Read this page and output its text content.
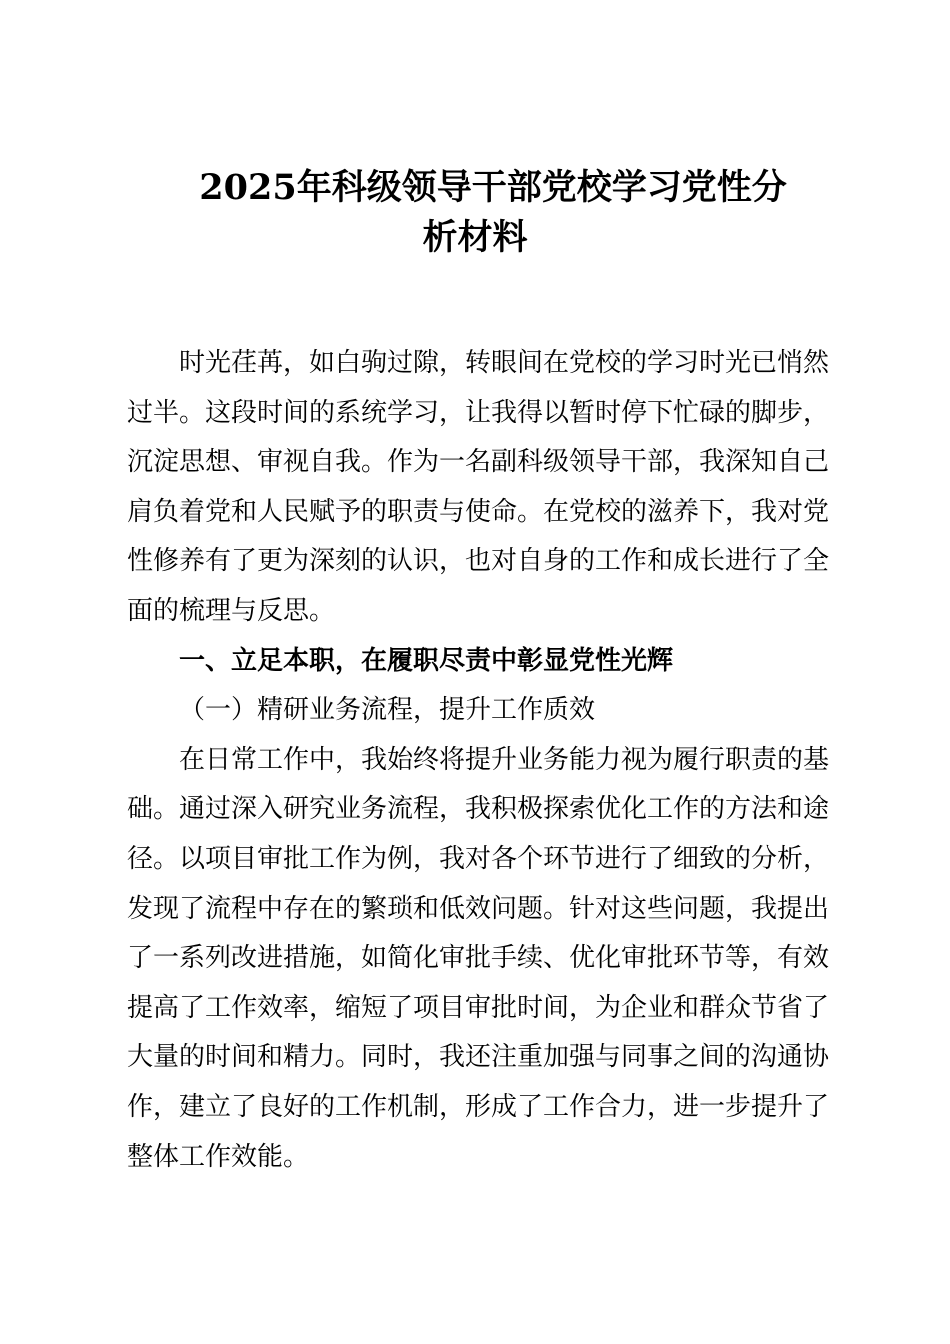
2025年科级领导干部党校学习党性分
析材料
时光荏苒，如白驹过隙，转眼间在党校的学习时光已悄然
过半。这段时间的系统学习，让我得以暂时停下忙碌的脚步，
沉淀思想、审视自我。作为一名副科级领导干部，我深知自己
肩负着党和人民赋予的职责与使命。在党校的滋养下，我对党
性修养有了更为深刻的认识，也对自身的工作和成长进行了全
面的梳理与反思。
一、立足本职，在履职尽责中彰显党性光辉
（一）精研业务流程，提升工作质效
在日常工作中，我始终将提升业务能力视为履行职责的基
础。通过深入研究业务流程，我积极探索优化工作的方法和途
径。以项目审批工作为例，我对各个环节进行了细致的分析，
发现了流程中存在的繁琐和低效问题。针对这些问题，我提出
了一系列改进措施，如简化审批手续、优化审批环节等，有效
提高了工作效率，缩短了项目审批时间，为企业和群众节省了
大量的时间和精力。同时，我还注重加强与同事之间的沟通协
作，建立了良好的工作机制，形成了工作合力，进一步提升了
整体工作效能。
